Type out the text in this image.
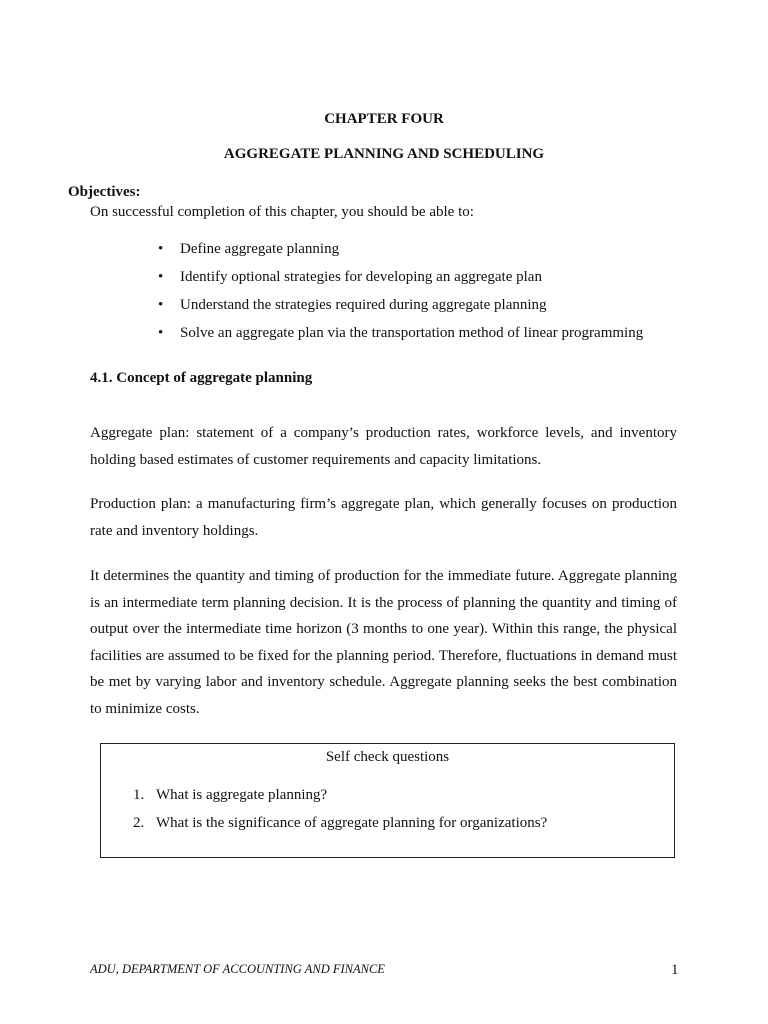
CHAPTER FOUR
AGGREGATE PLANNING AND SCHEDULING
Objectives:
On successful completion of this chapter, you should be able to:
• Define aggregate planning
• Identify optional strategies for developing an aggregate plan
• Understand the strategies required during aggregate planning
• Solve an aggregate plan via the transportation method of linear programming
4.1. Concept of aggregate planning
Aggregate plan: statement of a company’s production rates, workforce levels, and inventory holding based estimates of customer requirements and capacity limitations.
Production plan: a manufacturing firm’s aggregate plan, which generally focuses on production rate and inventory holdings.
It determines the quantity and timing of production for the immediate future. Aggregate planning is an intermediate term planning decision. It is the process of planning the quantity and timing of output over the intermediate time horizon (3 months to one year). Within this range, the physical facilities are assumed to be fixed for the planning period. Therefore, fluctuations in demand must be met by varying labor and inventory schedule. Aggregate planning seeks the best combination to minimize costs.
Self check questions
1. What is aggregate planning?
2. What is the significance of aggregate planning for organizations?
ADU, DEPARTMENT OF ACCOUNTING AND FINANCE	1
